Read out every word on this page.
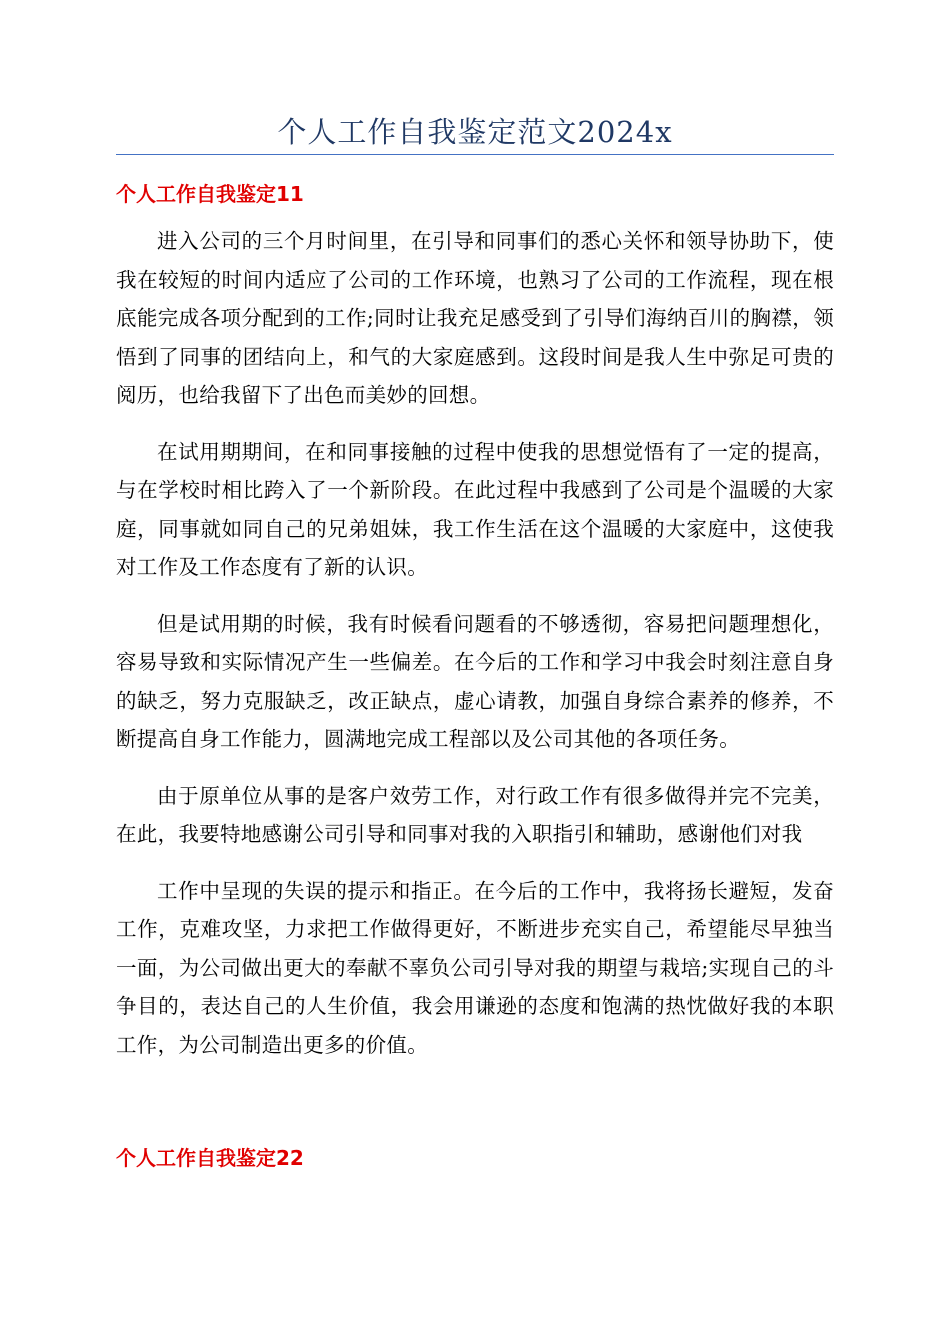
个人工作自我鉴定范文2024x
个人工作自我鉴定11

进入公司的三个月时间里，在引导和同事们的悉心关怀和领导协助下，使我在较短的时间内适应了公司的工作环境，也熟习了公司的工作流程，现在根底能完成各项分配到的工作;同时让我充足感受到了引导们海纳百川的胸襟，领悟到了同事的团结向上，和气的大家庭感到。这段时间是我人生中弥足可贵的阅历，也给我留下了出色而美妙的回想。

在试用期期间，在和同事接触的过程中使我的思想觉悟有了一定的提高，与在学校时相比跨入了一个新阶段。在此过程中我感到了公司是个温暖的大家庭，同事就如同自己的兄弟姐妹，我工作生活在这个温暖的大家庭中，这使我对工作及工作态度有了新的认识。

但是试用期的时候，我有时候看问题看的不够透彻，容易把问题理想化，容易导致和实际情况产生一些偏差。在今后的工作和学习中我会时刻注意自身的缺乏，努力克服缺乏，改正缺点，虚心请教，加强自身综合素养的修养，不断提高自身工作能力，圆满地完成工程部以及公司其他的各项任务。

由于原单位从事的是客户效劳工作，对行政工作有很多做得并完不完美，在此，我要特地感谢公司引导和同事对我的入职指引和辅助，感谢他们对我

工作中呈现的失误的提示和指正。在今后的工作中，我将扬长避短，发奋工作，克难攻坚，力求把工作做得更好，不断进步充实自己，希望能尽早独当一面，为公司做出更大的奉献不辜负公司引导对我的期望与栽培;实现自己的斗争目的，表达自己的人生价值，我会用谦逊的态度和饱满的热忱做好我的本职工作，为公司制造出更多的价值。

个人工作自我鉴定22
